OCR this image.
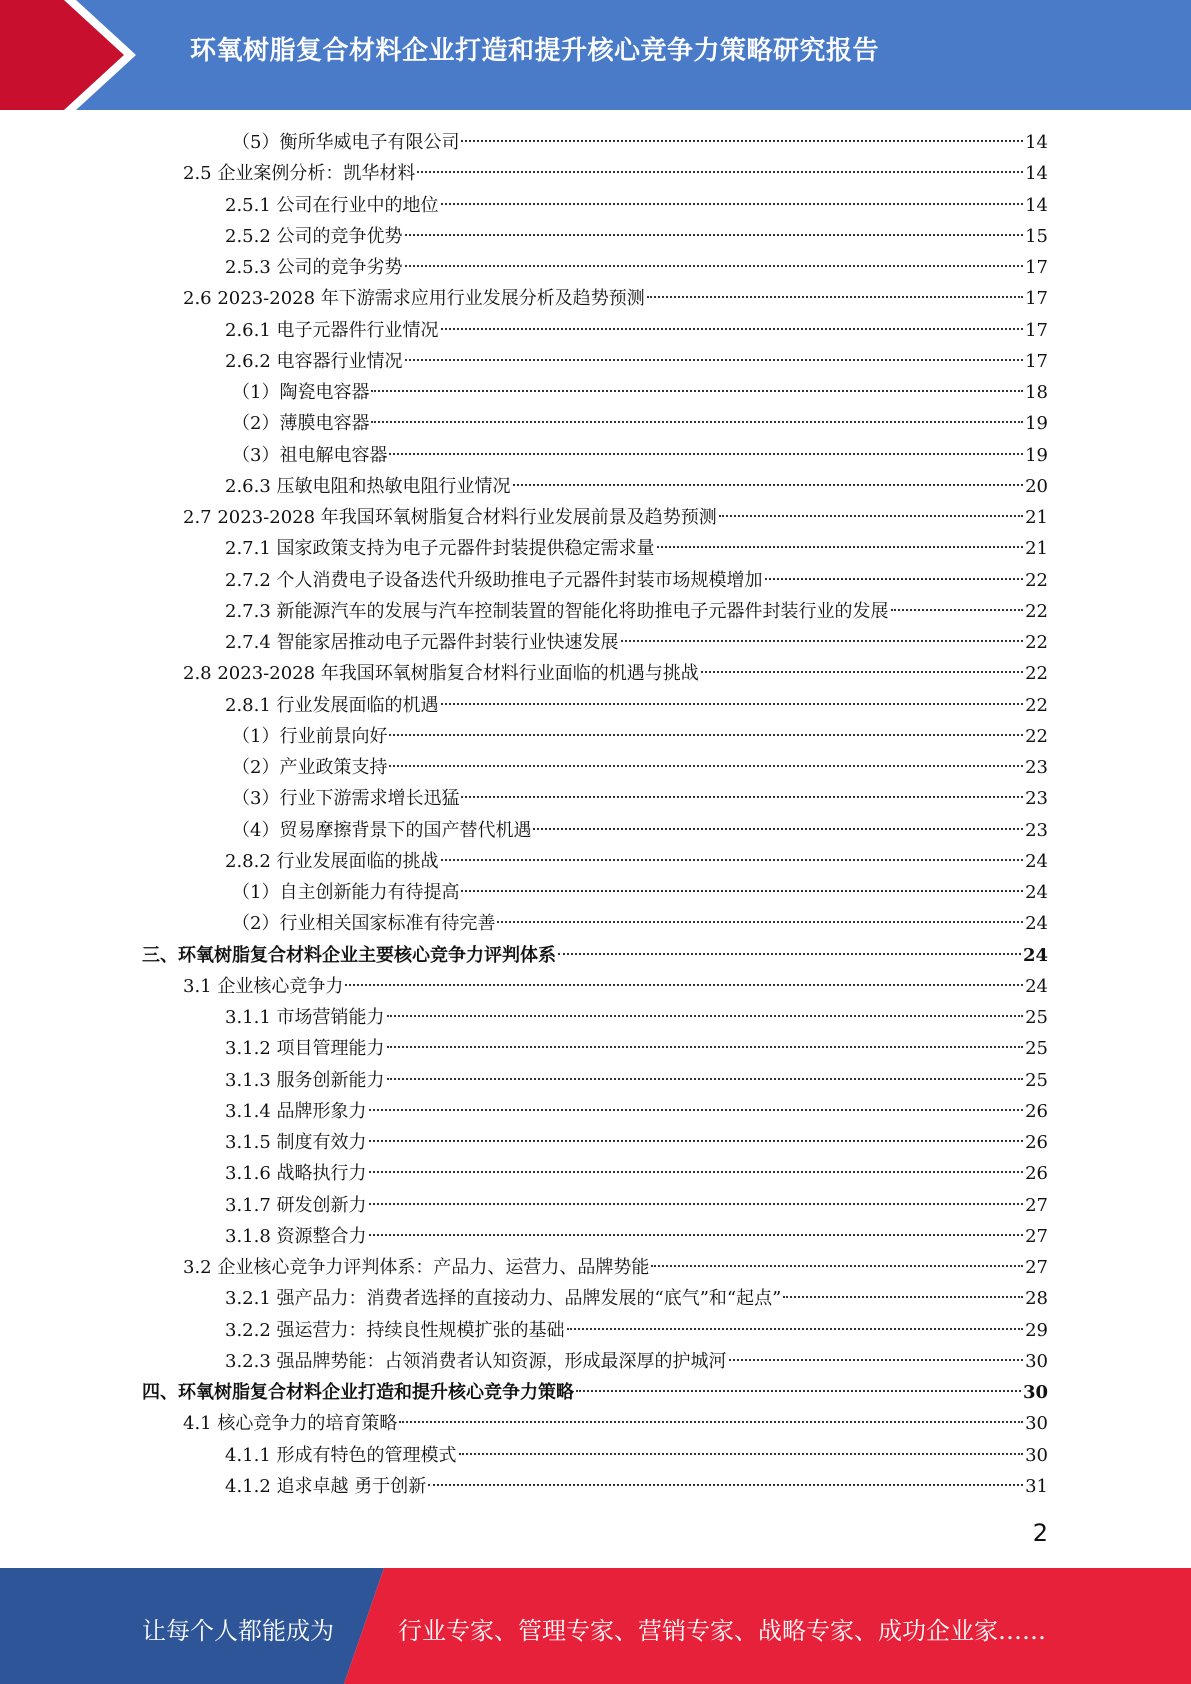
环氧树脂复合材料企业打造和提升核心竞争力策略研究报告
（5）衡所华威电子有限公司	14
2.5 企业案例分析：凯华材料	14
2.5.1 公司在行业中的地位	14
2.5.2 公司的竞争优势	15
2.5.3 公司的竞争劣势	17
2.6 2023-2028 年下游需求应用行业发展分析及趋势预测	17
2.6.1 电子元器件行业情况	17
2.6.2 电容器行业情况	17
（1）陶瓷电容器	18
（2）薄膜电容器	19
（3）祖电解电容器	19
2.6.3 压敏电阻和热敏电阻行业情况	20
2.7 2023-2028 年我国环氧树脂复合材料行业发展前景及趋势预测	21
2.7.1 国家政策支持为电子元器件封装提供稳定需求量	21
2.7.2 个人消费电子设备迭代升级助推电子元器件封装市场规模增加	22
2.7.3 新能源汽车的发展与汽车控制装置的智能化将助推电子元器件封装行业的发展	22
2.7.4 智能家居推动电子元器件封装行业快速发展	22
2.8 2023-2028 年我国环氧树脂复合材料行业面临的机遇与挑战	22
2.8.1 行业发展面临的机遇	22
（1）行业前景向好	22
（2）产业政策支持	23
（3）行业下游需求增长迅猛	23
（4）贸易摩擦背景下的国产替代机遇	23
2.8.2 行业发展面临的挑战	24
（1）自主创新能力有待提高	24
（2）行业相关国家标准有待完善	24
三、环氧树脂复合材料企业主要核心竞争力评判体系	24
3.1 企业核心竞争力	24
3.1.1 市场营销能力	25
3.1.2 项目管理能力	25
3.1.3 服务创新能力	25
3.1.4 品牌形象力	26
3.1.5 制度有效力	26
3.1.6 战略执行力	26
3.1.7 研发创新力	27
3.1.8 资源整合力	27
3.2 企业核心竞争力评判体系：产品力、运营力、品牌势能	27
3.2.1 强产品力：消费者选择的直接动力、品牌发展的“底气”和“起点”	28
3.2.2 强运营力：持续良性规模扩张的基础	29
3.2.3 强品牌势能：占领消费者认知资源，形成最深厚的护城河	30
四、环氧树脂复合材料企业打造和提升核心竞争力策略	30
4.1 核心竞争力的培育策略	30
4.1.1 形成有特色的管理模式	30
4.1.2 追求卓越 勇于创新	31
2
让每个人都能成为	行业专家、管理专家、营销专家、战略专家、成功企业家……
